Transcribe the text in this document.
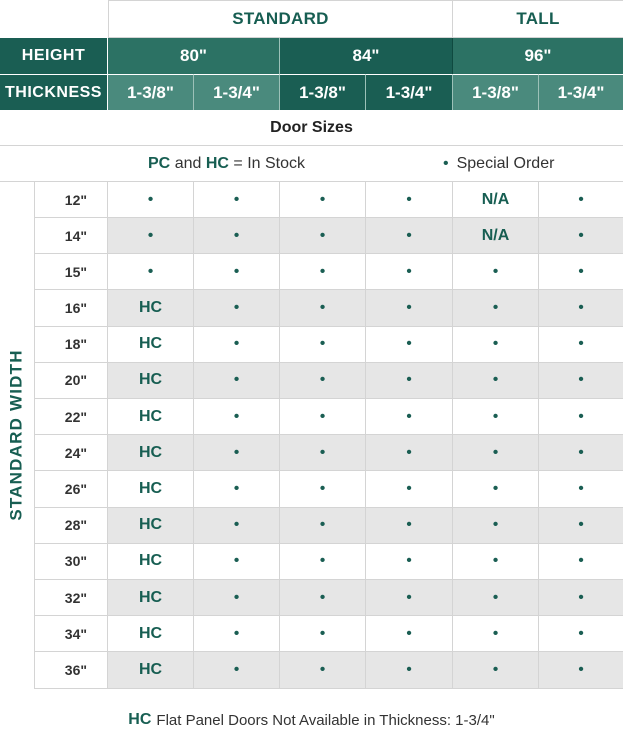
STANDARD	TALL
HEIGHT	80"	84"	96"
THICKNESS	1-3/8"	1-3/4"	1-3/8"	1-3/4"	1-3/8"	1-3/4"
Door Sizes
PC
and
HC
= In Stock	• Special Order
STANDARD WIDTH
12"	•	•	•	•	N/A	•
14"	•	•	•	•	N/A	•
15"	•	•	•	•	•	•
16"	HC	•	•	•	•	•
18"	HC	•	•	•	•	•
20"	HC	•	•	•	•	•
22"	HC	•	•	•	•	•
24"	HC	•	•	•	•	•
26"	HC	•	•	•	•	•
28"	HC	•	•	•	•	•
30"	HC	•	•	•	•	•
32"	HC	•	•	•	•	•
34"	HC	•	•	•	•	•
36"	HC	•	•	•	•	•
HC Flat Panel Doors Not Available in Thickness: 1-3/4"
